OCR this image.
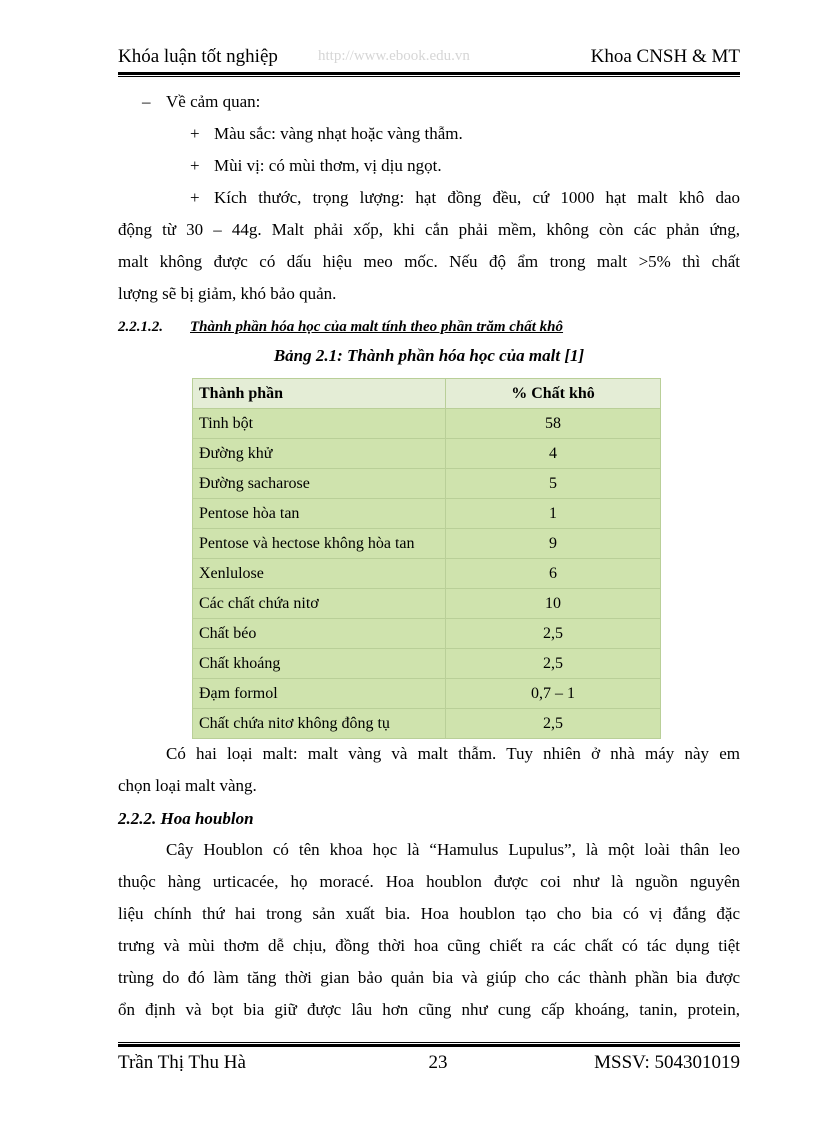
Khóa luận tốt nghiệp	http://www.ebook.edu.vn	Khoa CNSH & MT
– Về cảm quan:
+ Màu sắc: vàng nhạt hoặc vàng thẫm.
+ Mùi vị: có mùi thơm, vị dịu ngọt.
+ Kích thước, trọng lượng: hạt đồng đều, cứ 1000 hạt malt khô dao
động từ 30 – 44g. Malt phải xốp, khi cắn phải mềm, không còn các phản ứng,
malt không được có dấu hiệu meo mốc. Nếu độ ẩm trong malt >5% thì chất
lượng sẽ bị giảm, khó bảo quản.
2.2.1.2. Thành phần hóa học của malt tính theo phần trăm chất khô
Bảng 2.1: Thành phần hóa học của malt [1]
Thành phần	% Chất khô
Tinh bột	58
Đường khử	4
Đường sacharose	5
Pentose hòa tan	1
Pentose và hectose không hòa tan	9
Xenlulose	6
Các chất chứa nitơ	10
Chất béo	2,5
Chất khoáng	2,5
Đạm formol	0,7 – 1
Chất chứa nitơ không đông tụ	2,5
Có hai loại malt: malt vàng và malt thẫm. Tuy nhiên ở nhà máy này em
chọn loại malt vàng.
2.2.2. Hoa houblon
Cây Houblon có tên khoa học là “Hamulus Lupulus”, là một loài thân leo
thuộc hàng urticacée, họ moracé. Hoa houblon được coi như là nguồn nguyên
liệu chính thứ hai trong sản xuất bia. Hoa houblon tạo cho bia có vị đắng đặc
trưng và mùi thơm dễ chịu, đồng thời hoa cũng chiết ra các chất có tác dụng tiệt
trùng do đó làm tăng thời gian bảo quản bia và giúp cho các thành phần bia được
ổn định và bọt bia giữ được lâu hơn cũng như cung cấp khoáng, tanin, protein,
Trần Thị Thu Hà	23	MSSV: 504301019
